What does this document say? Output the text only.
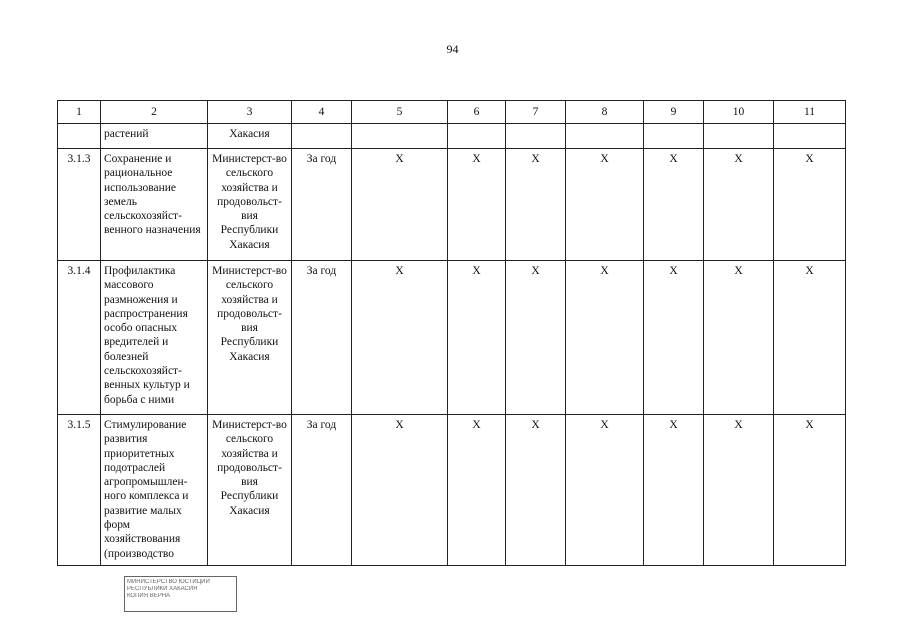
94
1	2	3	4	5	6	7	8	9	10	11
	растений	Хакасия								
3.1.3	Сохранение и рациональное использование земель сельскохозяйст-венного назначения	Министерст-во сельского хозяйства и продовольст-вия Республики Хакасия	За год	X	X	X	X	X	X	X
3.1.4	Профилактика массового размножения и распространения особо опасных вредителей и болезней сельскохозяйст-венных культур и борьба с ними	Министерст-во сельского хозяйства и продовольст-вия Республики Хакасия	За год	X	X	X	X	X	X	X
3.1.5	Стимулирование развития приоритетных подотраслей агропромышлен-ного комплекса и развитие малых форм хозяйствования (производство	Министерст-во сельского хозяйства и продовольст-вия Республики Хакасия	За год	X	X	X	X	X	X	X
МИНИСТЕРСТВО ЮСТИЦИИ
РЕСПУБЛИКИ ХАКАСИЯ
КОПИЯ ВЕРНА
